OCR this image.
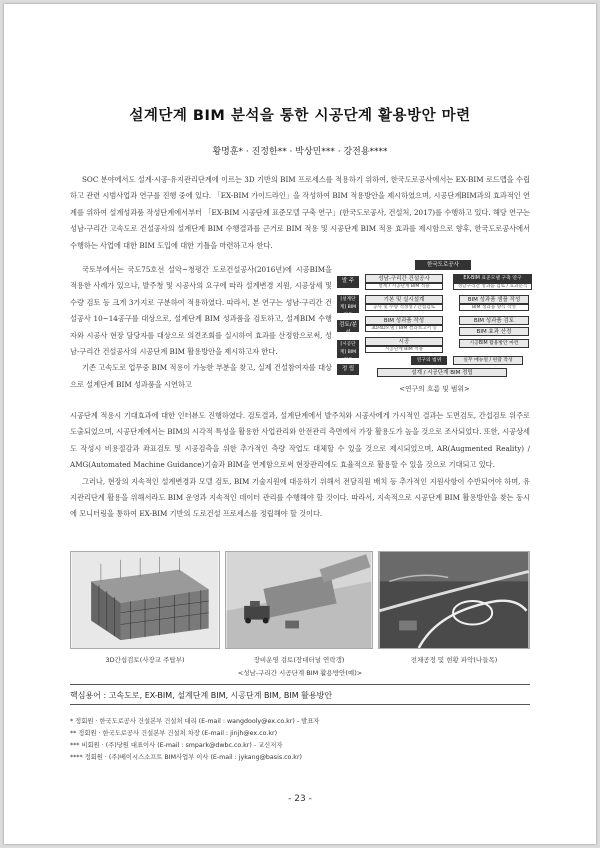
설계단계 BIM 분석을 통한 시공단계 활용방안 마련
황명훈* · 진정한** · 박상민*** · 강전용****

SOC 분야에서도 설계·시공·유지관리단계에 이르는 3D 기반의 BIM 프로세스를 적용하기 위하여, 한국도로공사에서는 EX-BIM 로드맵을 수립하고 관련 시범사업과 연구를 진행 중에 있다. 「EX-BIM 가이드라인」을 작성하여 BIM 적용방안을 제시하였으며, 시공단계BIM과의 효과적인 연계를 위하여 설계성과품 작성단계에서부터 「EX-BIM 시공단계 표준모델 구축 연구」(한국도로공사, 건설처, 2017)를 수행하고 있다. 해당 연구는 성남-구리간 고속도로 건설공사의 설계단계 BIM 수행결과를 근거로 BIM 적용 및 시공단계 BIM 적용 효과를 제시함으로 향후, 한국도로공사에서 수행하는 사업에 대한 BIM 도입에 대한 기틀을 마련하고자 한다.

국토부에서는 국도75호선 설악~청평간 도로건설공사(2016년)에 시공BIM을 적용한 사례가 있으나, 발주청 및 시공사의 요구에 따라 설계변경 지원, 시공상세 및 수량 검토 등 크게 3가지로 구분하여 적용하였다. 따라서, 본 연구는 성남-구리간 건설공사 10~14공구를 대상으로, 설계단계 BIM 성과품을 검토하고, 설계BIM 수행자와 시공사 현장 담당자를 대상으로 의견조회를 실시하여 효과를 산정함으로써, 성남-구리간 건설공사의 시공단계 BIM 활용방안을 제시하고자 한다.

기존 고속도로 업무중 BIM 적용이 가능한 부분을 찾고, 실제 건설참여자를 대상으로 설계단계 BIM 성과품을 시연하고

한국도로공사
발 주
[설계단계] BIM 적용
검토/분석
[시공단계] BIM 적용
정 립
성남-구리간 건설공사
설계 / 시공단계 BIM 적용
기본 및 실시설계
공사 및 수량 적정성 / 간섭검토
BIM 성과품 작성
3D/4D모델 / BIM 결과보고서 등
시공
시공단계 BIM 적용
EX-BIM 표준모델 구축 연구
성남구리간 성과품 검토 / 효과분석
BIM 성과품 샘플 작성
BIM 성과품 양식 작성
BIM 성과품 검토
BIM 효과 산정
시공BIM 활용방안 마련
연구의 범위	실무 매뉴얼 / 편람 작성
설계 / 시공단계 BIM 정립
<연구의 흐름 및 범위>

시공단계 적용시 기대효과에 대한 인터뷰도 진행하였다. 검토결과, 설계단계에서 발주처와 시공사에게 가시적인 결과는 도면검토, 간섭검토 위주로 도출되었으며, 시공단계에서는 BIM의 시각적 특성을 활용한 사업관리와 안전관리 측면에서 가장 활용도가 높을 것으로 조사되었다. 또한, 시공상세도 작성시 비용절감과 좌표검토 및 시공검측을 위한 추가적인 측량 작업도 대체할 수 있을 것으로 제시되었으며, AR(Augmented Reality) / AMG(Automated Machine Guidance)기술과 BIM을 연계함으로써 현장관리에도 효율적으로 활용할 수 있을 것으로 기대되고 있다.

그러나, 현장의 지속적인 설계변경과 모델 검토, BIM 기술지원에 대응하기 위해서 전담직원 배치 등 추가적인 지원사항이 수반되어야 하며, 유지관리단계 활용을 위해서라도 BIM 운영과 지속적인 데이터 관리를 수행해야 할 것이다. 따라서, 지속적으로 시공단계 BIM 활용방안을 찾는 동시에 모니터링을 통하여 EX-BIM 기반의 도로건설 프로세스를 정립해야 할 것이다.

3D간섭검토(사장교 주탑부)	장비운영 검토(장대터널 연락갱)	전체공정 및 현황 파악(나들목)
<성남-구리간 시공단계 BIM 활용방안(예)>
핵심용어 : 고속도로, EX-BIM, 설계단계 BIM, 시공단계 BIM, BIM 활용방안
* 정회원 · 한국도로공사 건설본부 건설처 대리 (E-mail : wangdooly@ex.co.kr) - 발표자
** 정회원 · 한국도로공사 건설본부 건설처 차장 (E-mail : jinjh@ex.co.kr)
*** 비회원 · (주)당원 대표이사 (E-mail : smpark@dwbc.co.kr) - 교신저자
**** 정회원 · (주)베이시스소프트 BIM사업부 이사 (E-mail : jykang@basis.co.kr)
- 23 -
